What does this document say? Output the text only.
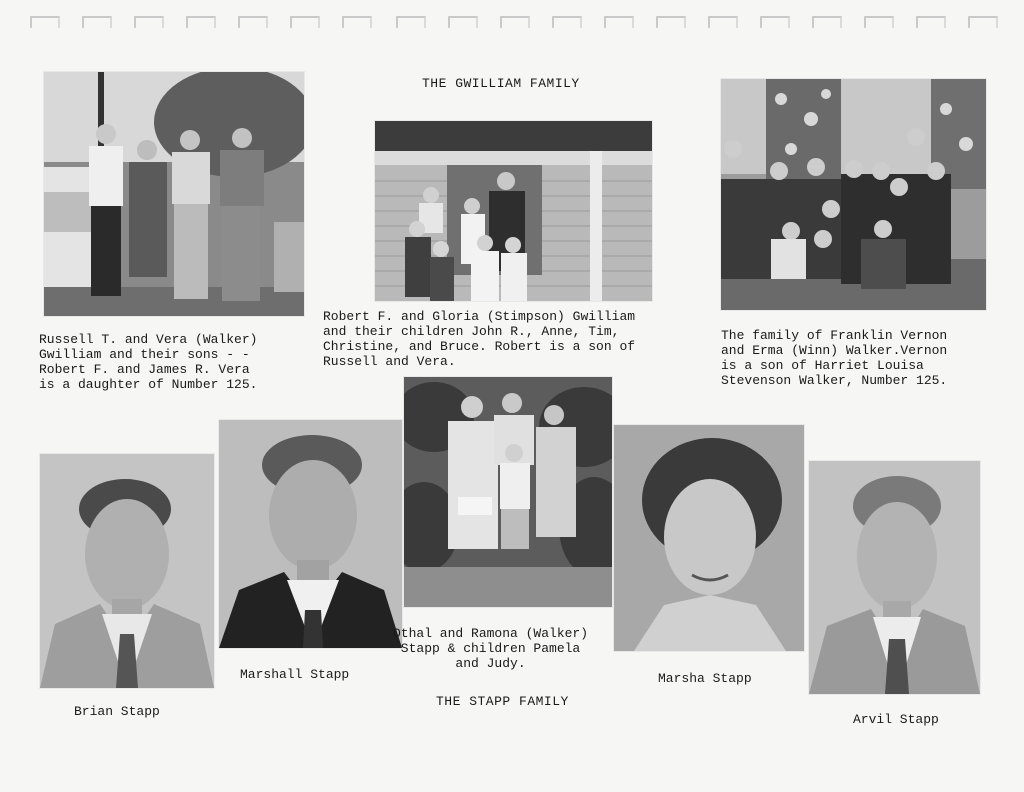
THE GWILLIAM FAMILY
THE STAPP FAMILY
Russell T. and Vera (Walker)
Gwilliam and their sons - -
Robert F. and James R. Vera
is a daughter of Number 125.
Robert F. and Gloria (Stimpson) Gwilliam
and their children John R., Anne, Tim,
Christine, and Bruce. Robert is a son of
Russell and Vera.
The family of Franklin Vernon
and Erma (Winn) Walker.Vernon
is a son of Harriet Louisa
Stevenson Walker, Number 125.
Othal and Ramona (Walker)
Stapp & children Pamela
and Judy.
Brian Stapp
Marshall Stapp	Marsha Stapp
Arvil Stapp
